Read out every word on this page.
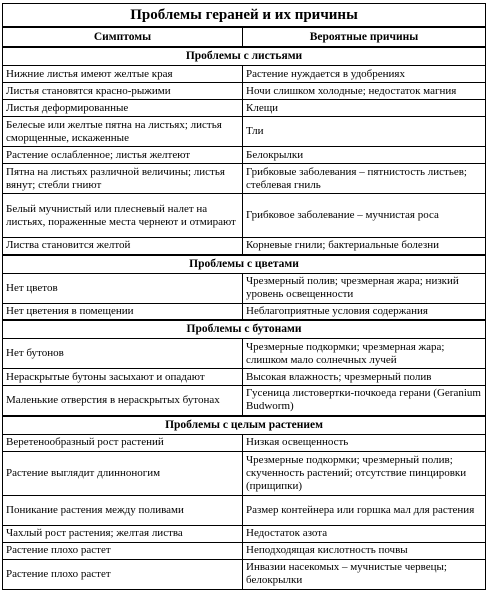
Проблемы гераней и их причины	
Симптомы	Вероятные причины
Проблемы с листьями	
Нижние листья имеют желтые края	Растение нуждается в удобрениях
Листья становятся красно-рыжими	Ночи слишком холодные; недостаток магния
Листья деформированные	Клещи
Белесые или желтые пятна на листьях; листья сморщенные, искаженные	Тли
Растение ослабленное; листья желтеют	Белокрылки
Пятна на листьях различной величины; листья вянут; стебли гниют	Грибковые заболевания – пятнистость листьев; стеблевая гниль
Белый мучнистый или плесневый налет на листьях, пораженные места чернеют и отмирают	Грибковое заболевание – мучнистая роса
Листва становится желтой	Корневые гнили; бактериальные болезни
Проблемы с цветами	
Нет цветов	Чрезмерный полив; чрезмерная жара; низкий уровень освещенности
Нет цветения в помещении	Неблагоприятные условия содержания
Проблемы с бутонами	
Нет бутонов	Чрезмерные подкормки; чрезмерная жара; слишком мало солнечных лучей
Нераскрытые бутоны засыхают и опадают	Высокая влажность; чрезмерный полив
Маленькие отверстия в нераскрытых бутонах	Гусеница листовертки-почкоеда герани (Geranium Budworm)
Проблемы с целым растением	
Веретенообразный рост растений	Низкая освещенность
Растение выглядит длинноногим	Чрезмерные подкормки; чрезмерный полив; скученность растений; отсутствие пинцировки (прищипки)
Поникание растения между поливами	Размер контейнера или горшка мал для растения
Чахлый рост растения; желтая листва	Недостаток азота
Растение плохо растет	Неподходящая кислотность почвы
Растение плохо растет	Инвазии насекомых – мучнистые червецы; белокрылки
